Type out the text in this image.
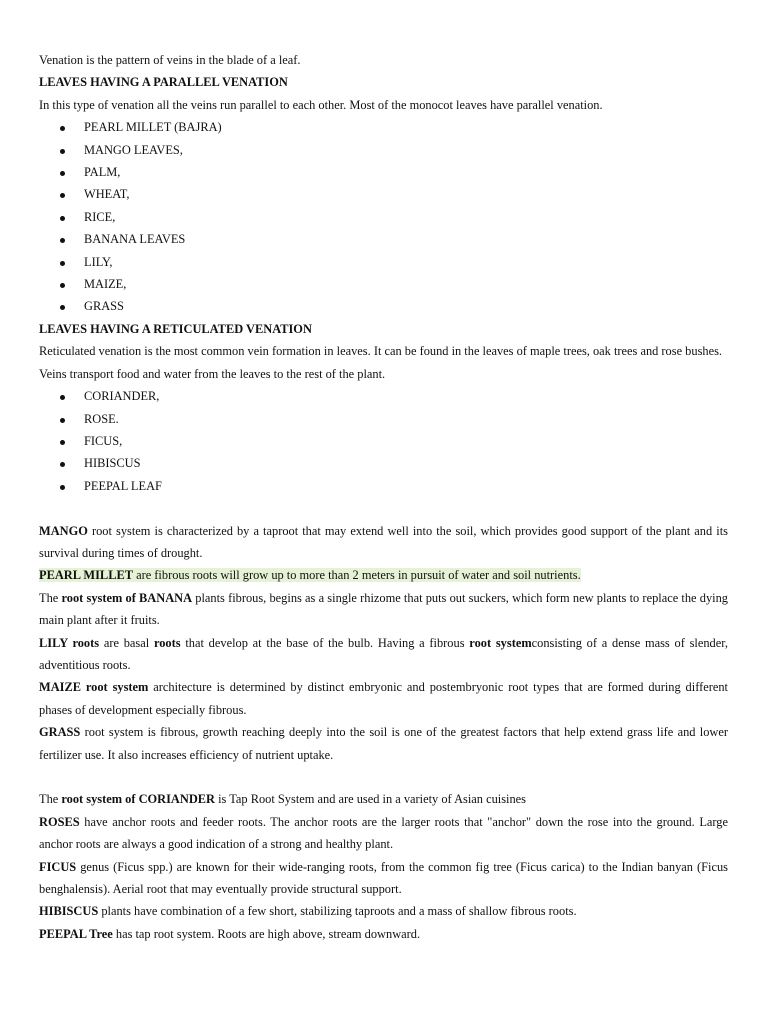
Venation is the pattern of veins in the blade of a leaf.

LEAVES HAVING A PARALLEL VENATION

In this type of venation all the veins run parallel to each other. Most of the monocot leaves have parallel venation.

PEARL MILLET (BAJRA)
MANGO LEAVES,
PALM,
WHEAT,
RICE,
BANANA LEAVES
LILY,
MAIZE,
GRASS

LEAVES HAVING A RETICULATED VENATION

Reticulated venation is the most common vein formation in leaves. It can be found in the leaves of maple trees, oak trees and rose bushes. Veins transport food and water from the leaves to the rest of the plant.

CORIANDER,
ROSE.
FICUS,
HIBISCUS
PEEPAL LEAF

MANGO root system is characterized by a taproot that may extend well into the soil, which provides good support of the plant and its survival during times of drought.

PEARL MILLET are fibrous roots will grow up to more than 2 meters in pursuit of water and soil nutrients.

The root system of BANANA plants fibrous, begins as a single rhizome that puts out suckers, which form new plants to replace the dying main plant after it fruits.

LILY roots are basal roots that develop at the base of the bulb. Having a fibrous root systemconsisting of a dense mass of slender, adventitious roots.

MAIZE root system architecture is determined by distinct embryonic and postembryonic root types that are formed during different phases of development especially fibrous.

GRASS root system is fibrous, growth reaching deeply into the soil is one of the greatest factors that help extend grass life and lower fertilizer use. It also increases efficiency of nutrient uptake.

The root system of CORIANDER is Tap Root System and are used in a variety of Asian cuisines

ROSES have anchor roots and feeder roots. The anchor roots are the larger roots that "anchor" down the rose into the ground. Large anchor roots are always a good indication of a strong and healthy plant.

FICUS genus (Ficus spp.) are known for their wide-ranging roots, from the common fig tree (Ficus carica) to the Indian banyan (Ficus benghalensis). Aerial root that may eventually provide structural support.

HIBISCUS plants have combination of a few short, stabilizing taproots and a mass of shallow fibrous roots.

PEEPAL Tree has tap root system. Roots are high above, stream downward.
